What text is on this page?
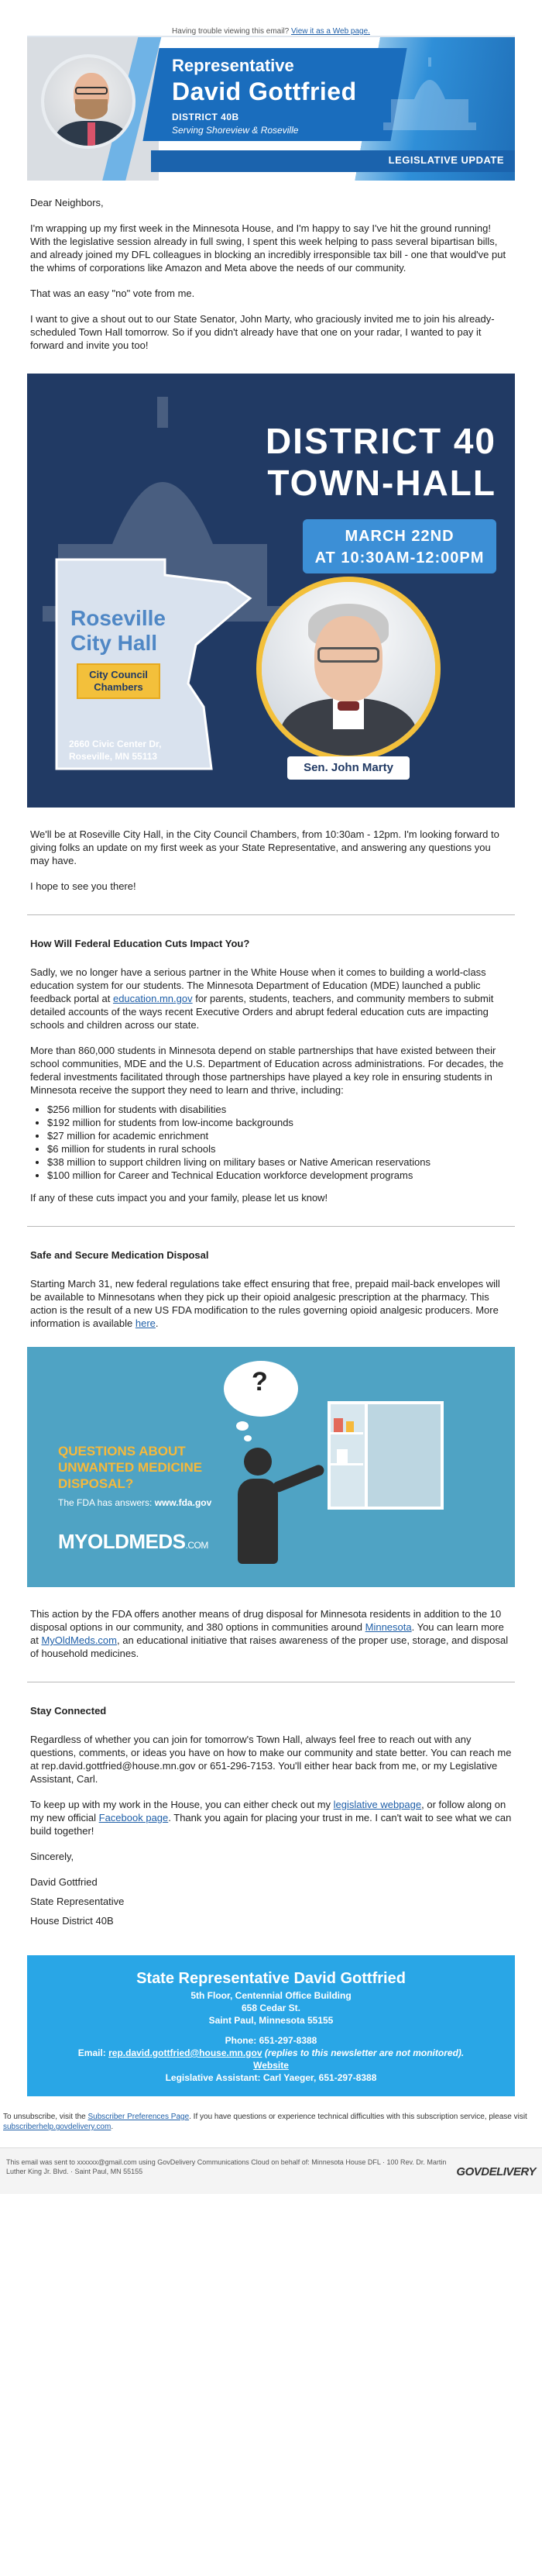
Having trouble viewing this email? View it as a Web page.
Representative
David Gottfried
DISTRICT 40B
Serving Shoreview & Roseville
LEGISLATIVE UPDATE

Dear Neighbors,

I'm wrapping up my first week in the Minnesota House, and I'm happy to say I've hit the ground running! With the legislative session already in full swing, I spent this week helping to pass several bipartisan bills, and already joined my DFL colleagues in blocking an incredibly irresponsible tax bill - one that would've put the whims of corporations like Amazon and Meta above the needs of our community.

That was an easy "no" vote from me.

I want to give a shout out to our State Senator, John Marty, who graciously invited me to join his already-scheduled Town Hall tomorrow. So if you didn't already have that one on your radar, I wanted to pay it forward and invite you too!

DISTRICT 40
TOWN-HALL
MARCH 22ND
AT 10:30AM-12:00PM
Roseville
City Hall
City Council Chambers
2660 Civic Center Dr,
Roseville, MN 55113
Sen. John Marty

We'll be at Roseville City Hall, in the City Council Chambers, from 10:30am - 12pm. I'm looking forward to giving folks an update on my first week as your State Representative, and answering any questions you may have.

I hope to see you there!

How Will Federal Education Cuts Impact You?

Sadly, we no longer have a serious partner in the White House when it comes to building a world-class education system for our students. The Minnesota Department of Education (MDE) launched a public feedback portal at education.mn.gov for parents, students, teachers, and community members to submit detailed accounts of the ways recent Executive Orders and abrupt federal education cuts are impacting schools and children across our state.

More than 860,000 students in Minnesota depend on stable partnerships that have existed between their school communities, MDE and the U.S. Department of Education across administrations. For decades, the federal investments facilitated through those partnerships have played a key role in ensuring students in Minnesota receive the support they need to learn and thrive, including:

• $256 million for students with disabilities
• $192 million for students from low-income backgrounds
• $27 million for academic enrichment
• $6 million for students in rural schools
• $38 million to support children living on military bases or Native American reservations
• $100 million for Career and Technical Education workforce development programs

If any of these cuts impact you and your family, please let us know!

Safe and Secure Medication Disposal

Starting March 31, new federal regulations take effect ensuring that free, prepaid mail-back envelopes will be available to Minnesotans when they pick up their opioid analgesic prescription at the pharmacy. This action is the result of a new US FDA modification to the rules governing opioid analgesic producers. More information is available here.

?
QUESTIONS ABOUT
UNWANTED MEDICINE
DISPOSAL?
The FDA has answers: www.fda.gov
MYOLDMEDS.COM

This action by the FDA offers another means of drug disposal for Minnesota residents in addition to the 10 disposal options in our community, and 380 options in communities around Minnesota. You can learn more at MyOldMeds.com, an educational initiative that raises awareness of the proper use, storage, and disposal of household medicines.

Stay Connected

Regardless of whether you can join for tomorrow's Town Hall, always feel free to reach out with any questions, comments, or ideas you have on how to make our community and state better. You can reach me at rep.david.gottfried@house.mn.gov or 651-296-7153. You'll either hear back from me, or my Legislative Assistant, Carl.

To keep up with my work in the House, you can either check out my legislative webpage, or follow along on my new official Facebook page. Thank you again for placing your trust in me. I can't wait to see what we can build together!

Sincerely,

David Gottfried

State Representative

House District 40B

State Representative David Gottfried
5th Floor, Centennial Office Building
658 Cedar St.
Saint Paul, Minnesota 55155
Phone: 651-297-8388
Email: rep.david.gottfried@house.mn.gov (replies to this newsletter are not monitored).
Website
Legislative Assistant: Carl Yaeger, 651-297-8388
To unsubscribe, visit the Subscriber Preferences Page. If you have questions or experience technical difficulties with this subscription service, please visit subscriberhelp.govdelivery.com.
This email was sent to xxxxxx@gmail.com using GovDelivery Communications Cloud on behalf of: Minnesota House DFL · 100 Rev. Dr. Martin Luther King Jr. Blvd. · Saint Paul, MN 55155	GOVDELIVERY
